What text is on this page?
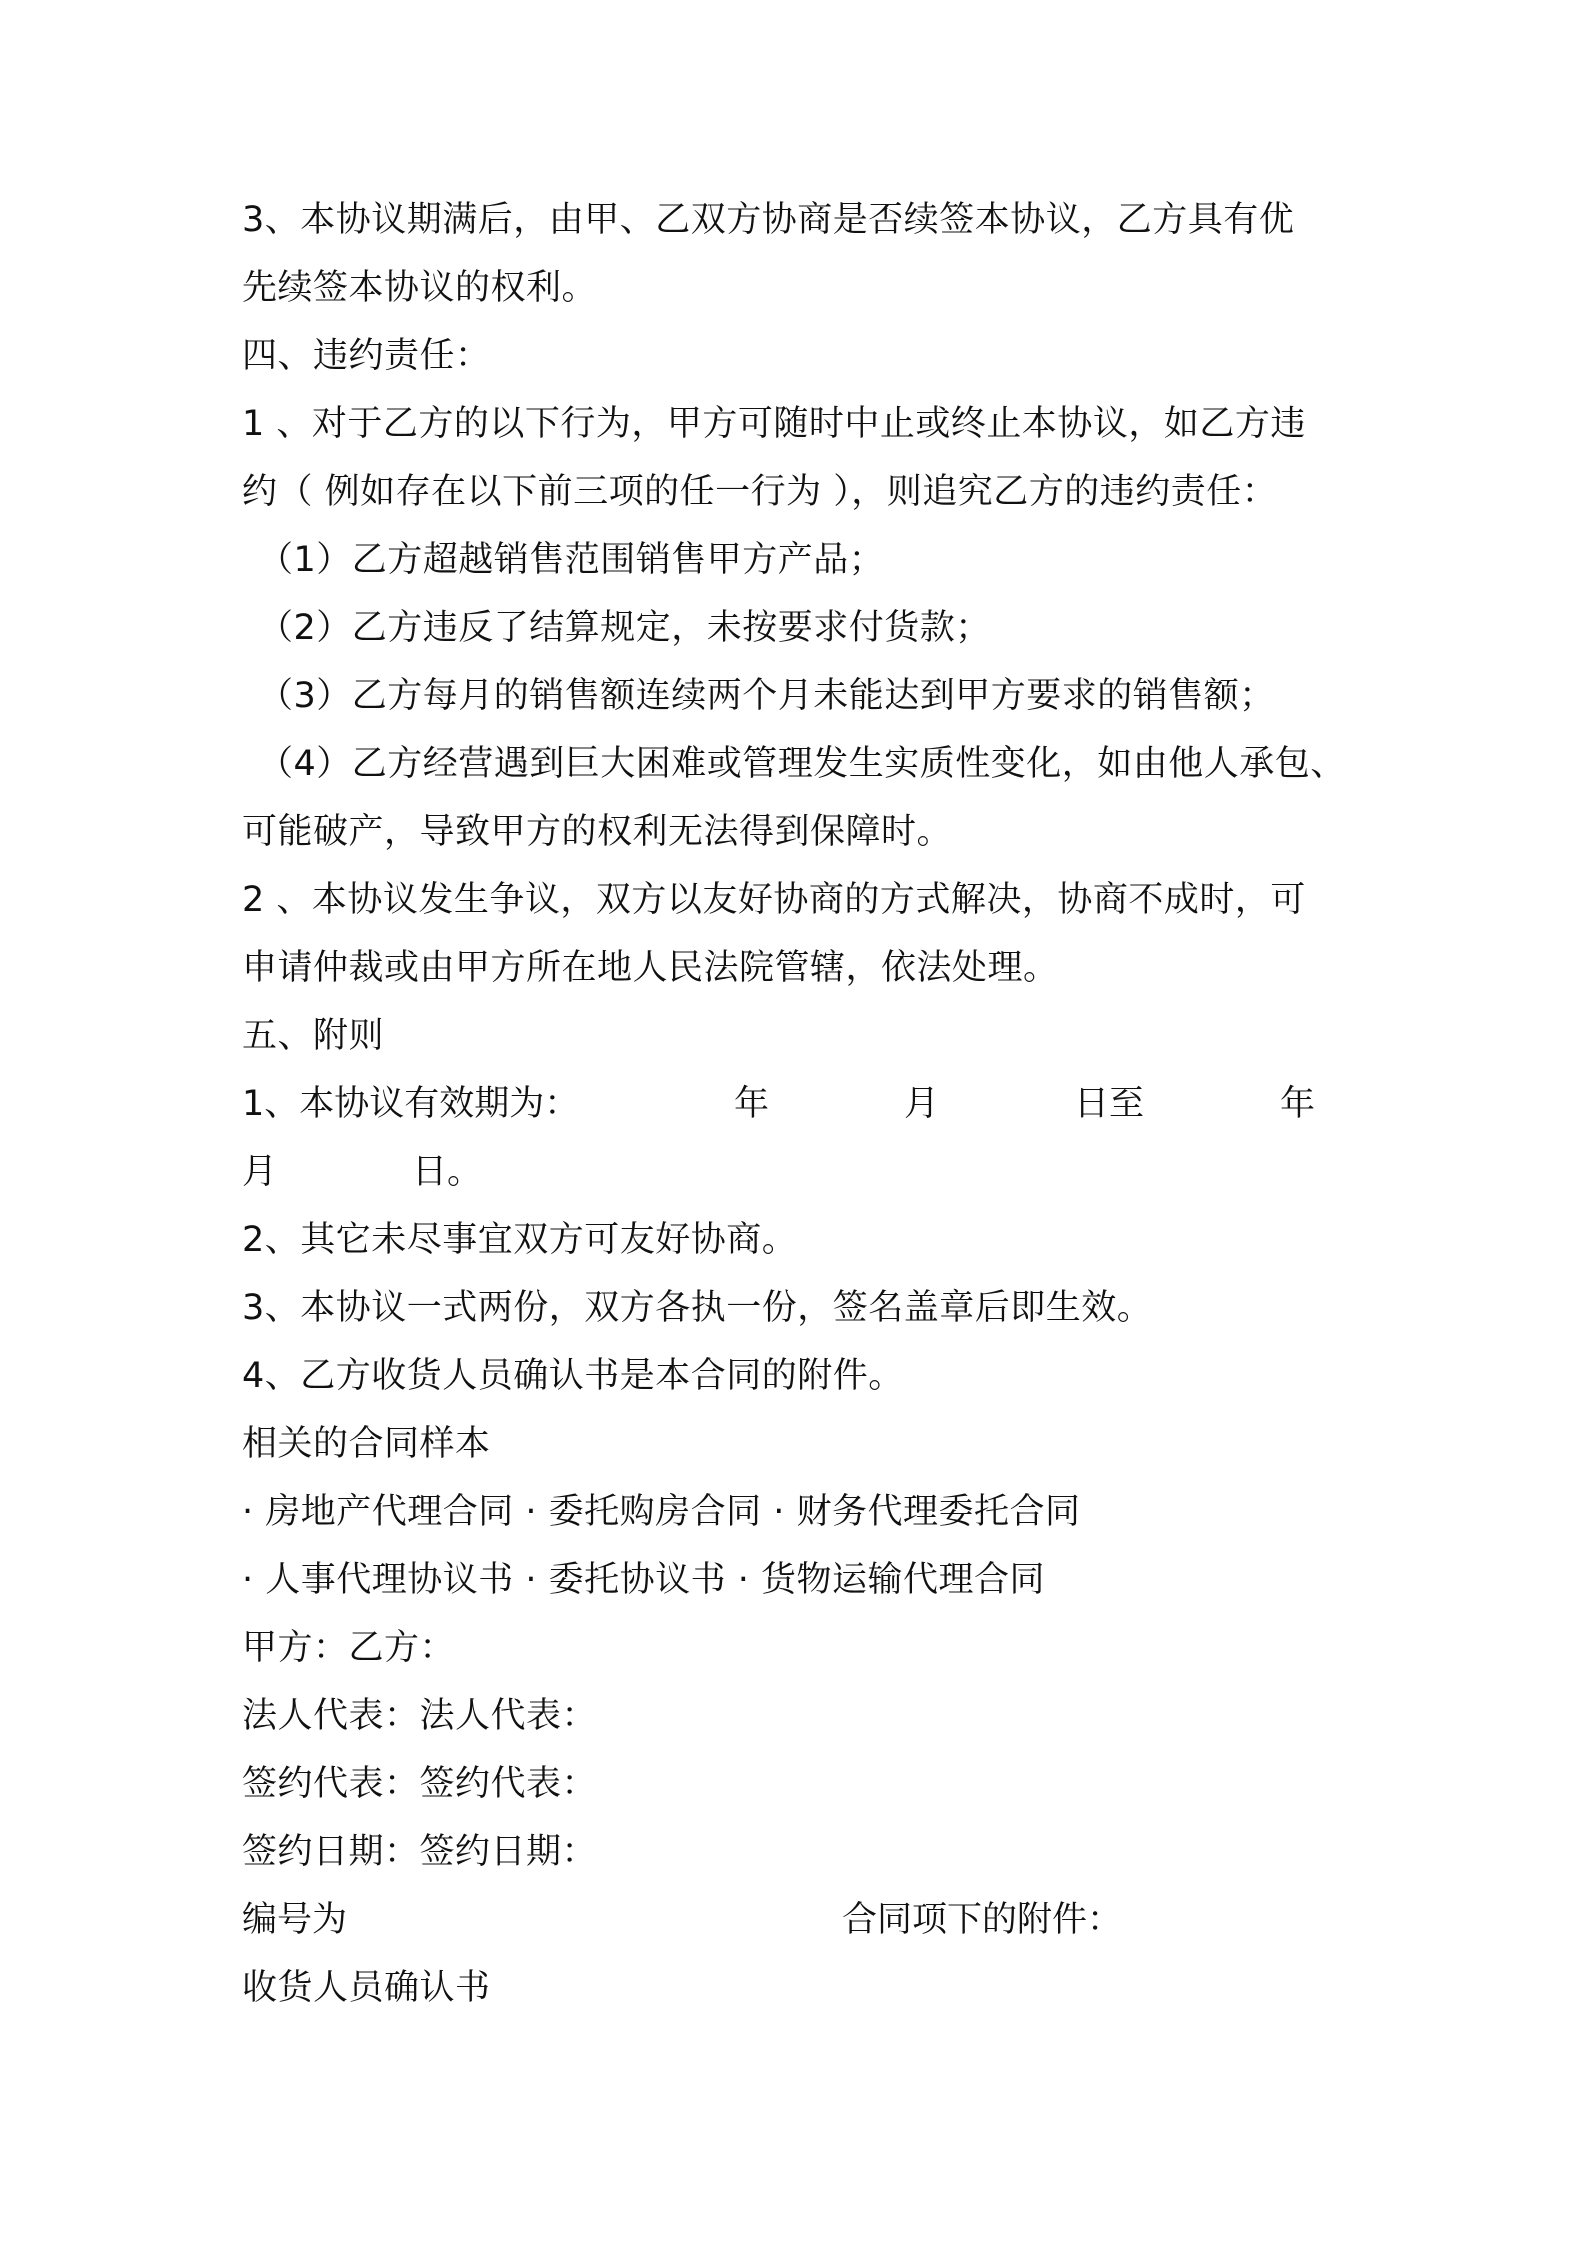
3、本协议期满后，由甲、乙双方协商是否续签本协议，乙方具有优
先续签本协议的权利。
四、违约责任：
1 、对于乙方的以下行为，甲方可随时中止或终止本协议，如乙方违
约（ 例如存在以下前三项的任一行为 ），则追究乙方的违约责任：
（1）乙方超越销售范围销售甲方产品；
（2）乙方违反了结算规定，未按要求付货款；
（3）乙方每月的销售额连续两个月未能达到甲方要求的销售额；
（4）乙方经营遇到巨大困难或管理发生实质性变化，如由他人承包、
可能破产，导致甲方的权利无法得到保障时。
2 、本协议发生争议，双方以友好协商的方式解决，协商不成时，可
申请仲裁或由甲方所在地人民法院管辖，依法处理。
五、附则
1、本协议有效期为：	年	月	日至	年
月	日。
2、其它未尽事宜双方可友好协商。
3、本协议一式两份，双方各执一份，签名盖章后即生效。
4、乙方收货人员确认书是本合同的附件。
相关的合同样本
· 房地产代理合同 · 委托购房合同 · 财务代理委托合同
· 人事代理协议书 · 委托协议书 · 货物运输代理合同
甲方：乙方：
法人代表：法人代表：
签约代表：签约代表：
签约日期：签约日期：
编号为	合同项下的附件：
收货人员确认书
